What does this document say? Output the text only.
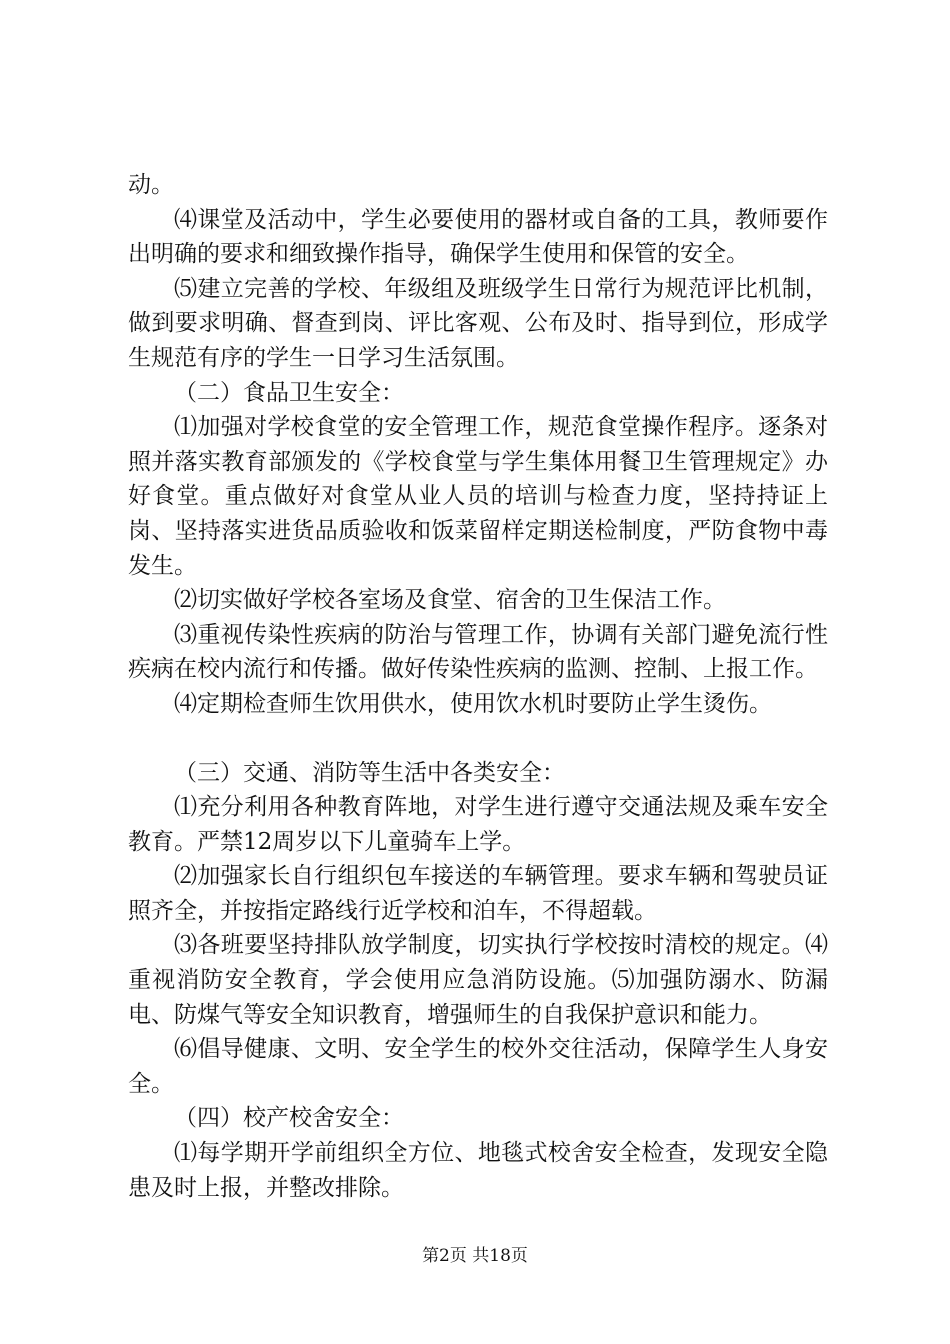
动。

⑷课堂及活动中，学生必要使用的器材或自备的工具，教师要作出明确的要求和细致操作指导，确保学生使用和保管的安全。

⑸建立完善的学校、年级组及班级学生日常行为规范评比机制，做到要求明确、督查到岗、评比客观、公布及时、指导到位，形成学生规范有序的学生一日学习生活氛围。

（二）食品卫生安全：

⑴加强对学校食堂的安全管理工作，规范食堂操作程序。逐条对照并落实教育部颁发的《学校食堂与学生集体用餐卫生管理规定》办好食堂。重点做好对食堂从业人员的培训与检查力度，坚持持证上岗、坚持落实进货品质验收和饭菜留样定期送检制度，严防食物中毒发生。

⑵切实做好学校各室场及食堂、宿舍的卫生保洁工作。

⑶重视传染性疾病的防治与管理工作，协调有关部门避免流行性疾病在校内流行和传播。做好传染性疾病的监测、控制、上报工作。

⑷定期检查师生饮用供水，使用饮水机时要防止学生烫伤。

（三）交通、消防等生活中各类安全：

⑴充分利用各种教育阵地，对学生进行遵守交通法规及乘车安全教育。严禁12周岁以下儿童骑车上学。

⑵加强家长自行组织包车接送的车辆管理。要求车辆和驾驶员证照齐全，并按指定路线行近学校和泊车，不得超载。

⑶各班要坚持排队放学制度，切实执行学校按时清校的规定。⑷重视消防安全教育，学会使用应急消防设施。⑸加强防溺水、防漏电、防煤气等安全知识教育，增强师生的自我保护意识和能力。

⑹倡导健康、文明、安全学生的校外交往活动，保障学生人身安全。

（四）校产校舍安全：

⑴每学期开学前组织全方位、地毯式校舍安全检查，发现安全隐患及时上报，并整改排除。

第2页 共18页
